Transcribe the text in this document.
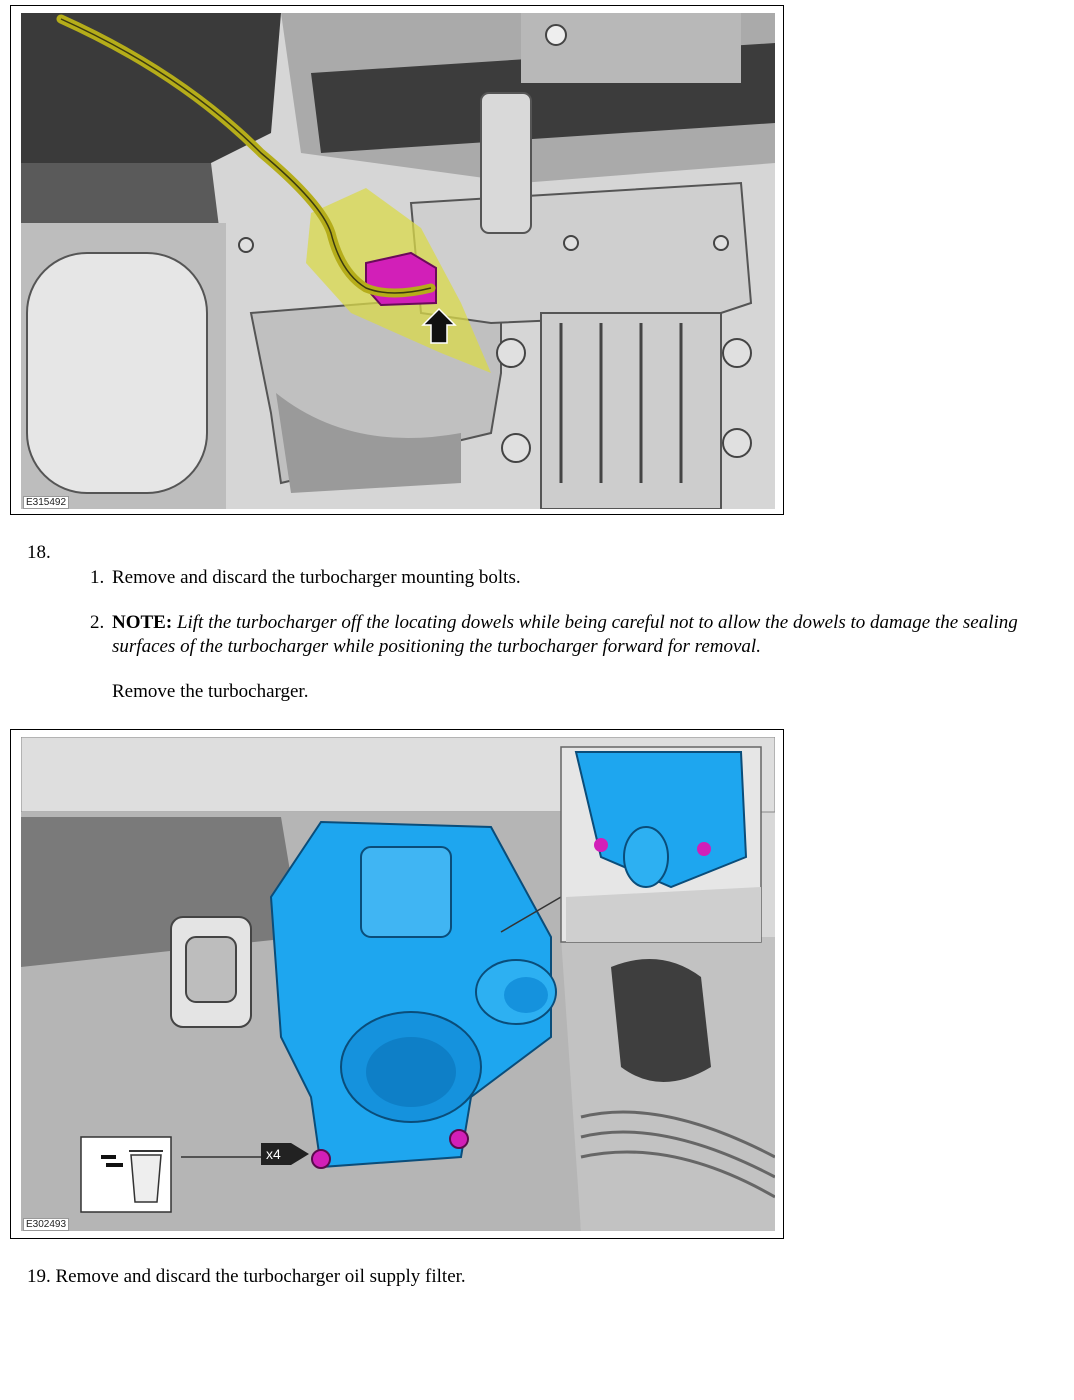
E315492
18.
1. Remove and discard the turbocharger mounting bolts.
2. NOTE: Lift the turbocharger off the locating dowels while being careful not to allow the dowels to damage the sealing surfaces of the turbocharger while positioning the turbocharger forward for removal.
Remove the turbocharger.
x4
E302493
19. Remove and discard the turbocharger oil supply filter.
